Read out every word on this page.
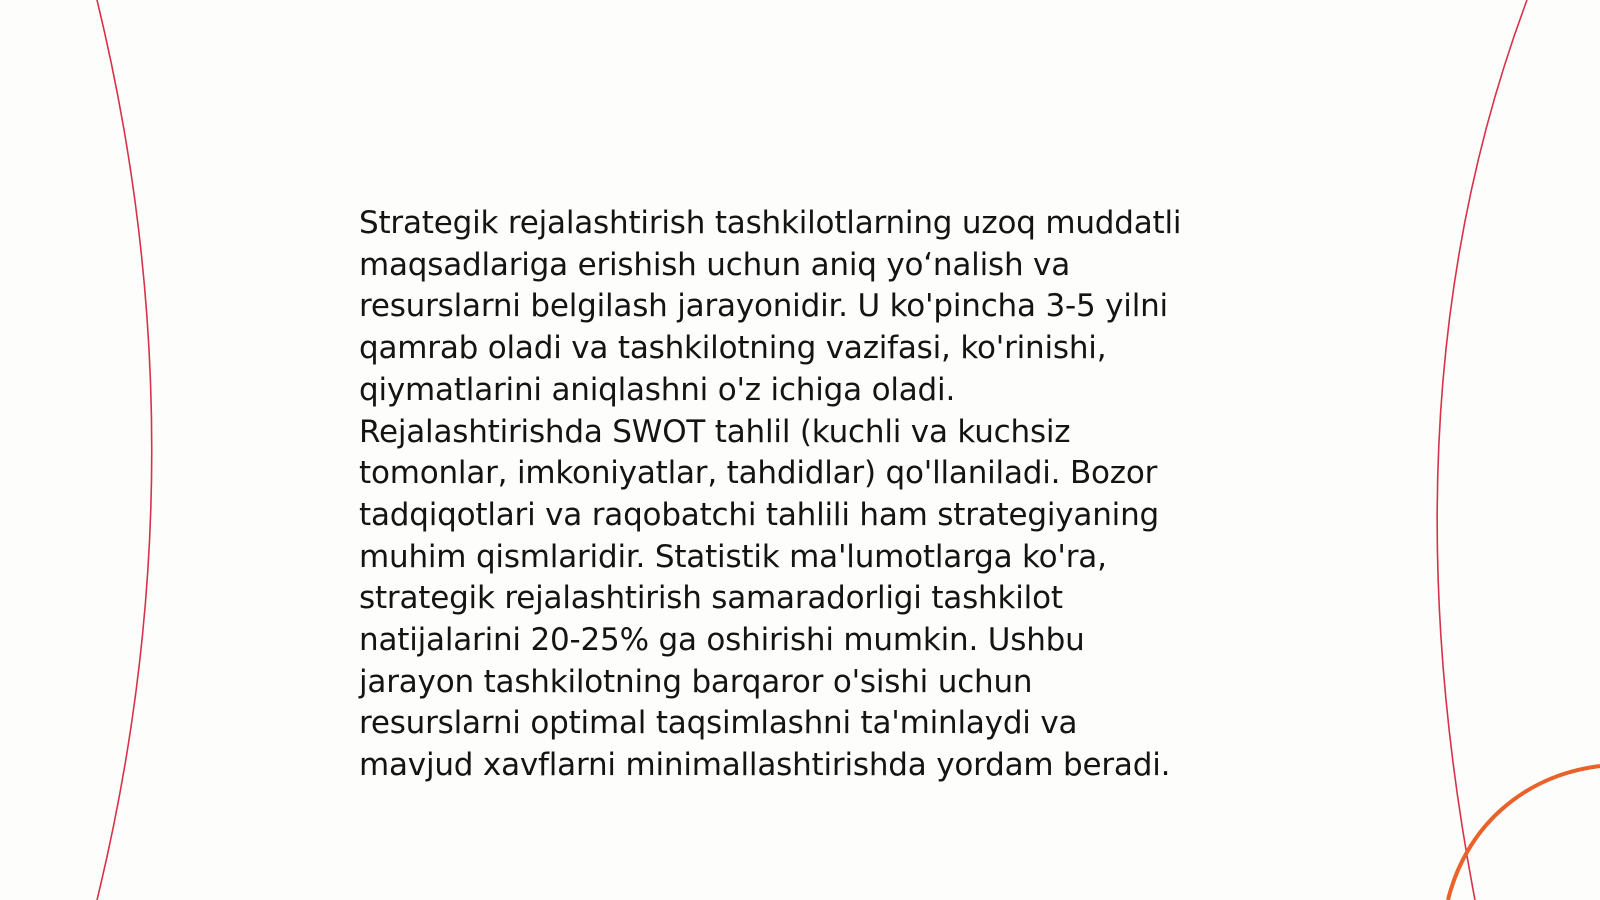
Strategik rejalashtirish tashkilotlarning uzoq muddatli
maqsadlariga erishish uchun aniq yo‘nalish va
resurslarni belgilash jarayonidir. U ko'pincha 3-5 yilni
qamrab oladi va tashkilotning vazifasi, ko'rinishi,
qiymatlarini aniqlashni o'z ichiga oladi.
Rejalashtirishda SWOT tahlil (kuchli va kuchsiz
tomonlar, imkoniyatlar, tahdidlar) qo'llaniladi. Bozor
tadqiqotlari va raqobatchi tahlili ham strategiyaning
muhim qismlaridir. Statistik ma'lumotlarga ko'ra,
strategik rejalashtirish samaradorligi tashkilot
natijalarini 20-25% ga oshirishi mumkin. Ushbu
jarayon tashkilotning barqaror o'sishi uchun
resurslarni optimal taqsimlashni ta'minlaydi va
mavjud xavflarni minimallashtirishda yordam beradi.
